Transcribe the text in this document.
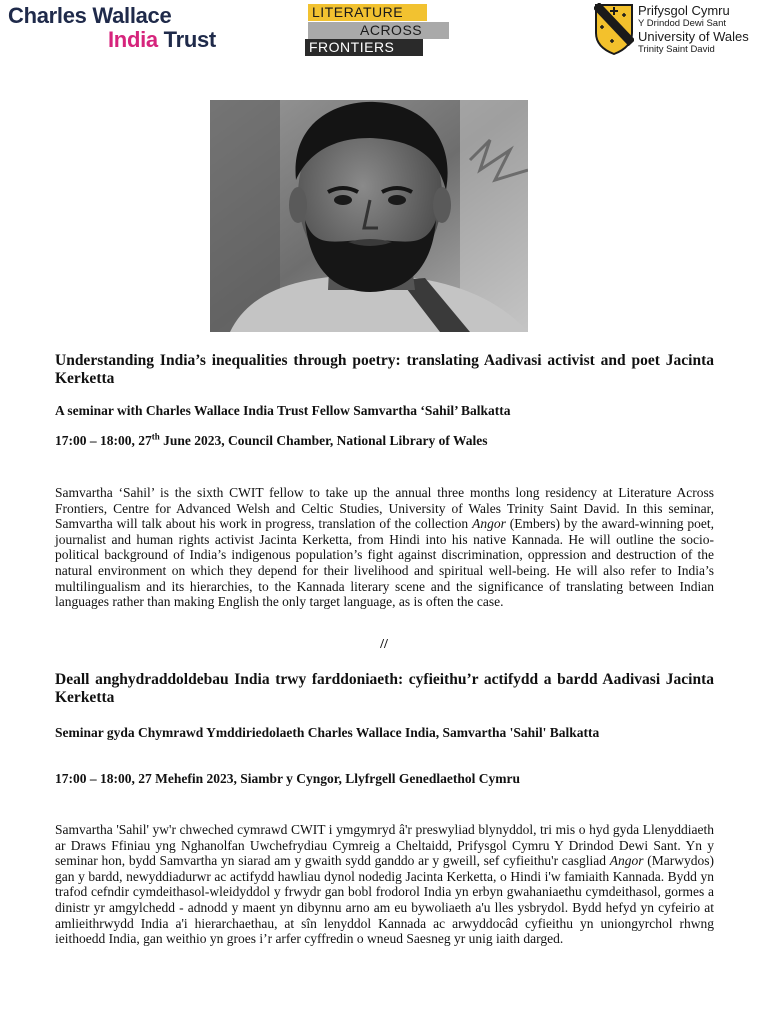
Charles Wallace
India Trust
LITERATURE
ACROSS
FRONTIERS
Prifysgol Cymru
Y Drindod Dewi Sant
University of Wales
Trinity Saint David

Understanding India’s inequalities through poetry: translating Aadivasi activist and poet Jacinta Kerketta

A seminar with Charles Wallace India Trust Fellow Samvartha ‘Sahil’ Balkatta

17:00 – 18:00, 27th June 2023, Council Chamber, National Library of Wales

Samvartha ‘Sahil’ is the sixth CWIT fellow to take up the annual three months long residency at Literature Across Frontiers, Centre for Advanced Welsh and Celtic Studies, University of Wales Trinity Saint David. In this seminar, Samvartha will talk about his work in progress, translation of the collection Angor (Embers) by the award-winning poet, journalist and human rights activist Jacinta Kerketta, from Hindi into his native Kannada. He will outline the socio-political background of India’s indigenous population’s fight against discrimination, oppression and destruction of the natural environment on which they depend for their livelihood and spiritual well-being. He will also refer to India’s multilingualism and its hierarchies, to the Kannada literary scene and the significance of translating between Indian languages rather than making English the only target language, as is often the case.

//

Deall anghydraddoldebau India trwy farddoniaeth: cyfieithu’r actifydd a bardd Aadivasi Jacinta Kerketta

Seminar gyda Chymrawd Ymddiriedolaeth Charles Wallace India, Samvartha 'Sahil' Balkatta

17:00 – 18:00, 27 Mehefin 2023, Siambr y Cyngor, Llyfrgell Genedlaethol Cymru

Samvartha 'Sahil' yw'r chweched cymrawd CWIT i ymgymryd â'r preswyliad blynyddol, tri mis o hyd gyda Llenyddiaeth ar Draws Ffiniau yng Nghanolfan Uwchefrydiau Cymreig a Cheltaidd, Prifysgol Cymru Y Drindod Dewi Sant. Yn y seminar hon, bydd Samvartha yn siarad am y gwaith sydd ganddo ar y gweill, sef cyfieithu'r casgliad Angor (Marwydos) gan y bardd, newyddiadurwr ac actifydd hawliau dynol nodedig Jacinta Kerketta, o Hindi i'w famiaith Kannada. Bydd yn trafod cefndir cymdeithasol-wleidyddol y frwydr gan bobl frodorol India yn erbyn gwahaniaethu cymdeithasol, gormes a dinistr yr amgylchedd - adnodd y maent yn dibynnu arno am eu bywoliaeth a'u lles ysbrydol. Bydd hefyd yn cyfeirio at amlieithrwydd India a'i hierarchaethau, at sîn lenyddol Kannada ac arwyddocâd cyfieithu yn uniongyrchol rhwng ieithoedd India, gan weithio yn groes i’r arfer cyffredin o wneud Saesneg yr unig iaith darged.
